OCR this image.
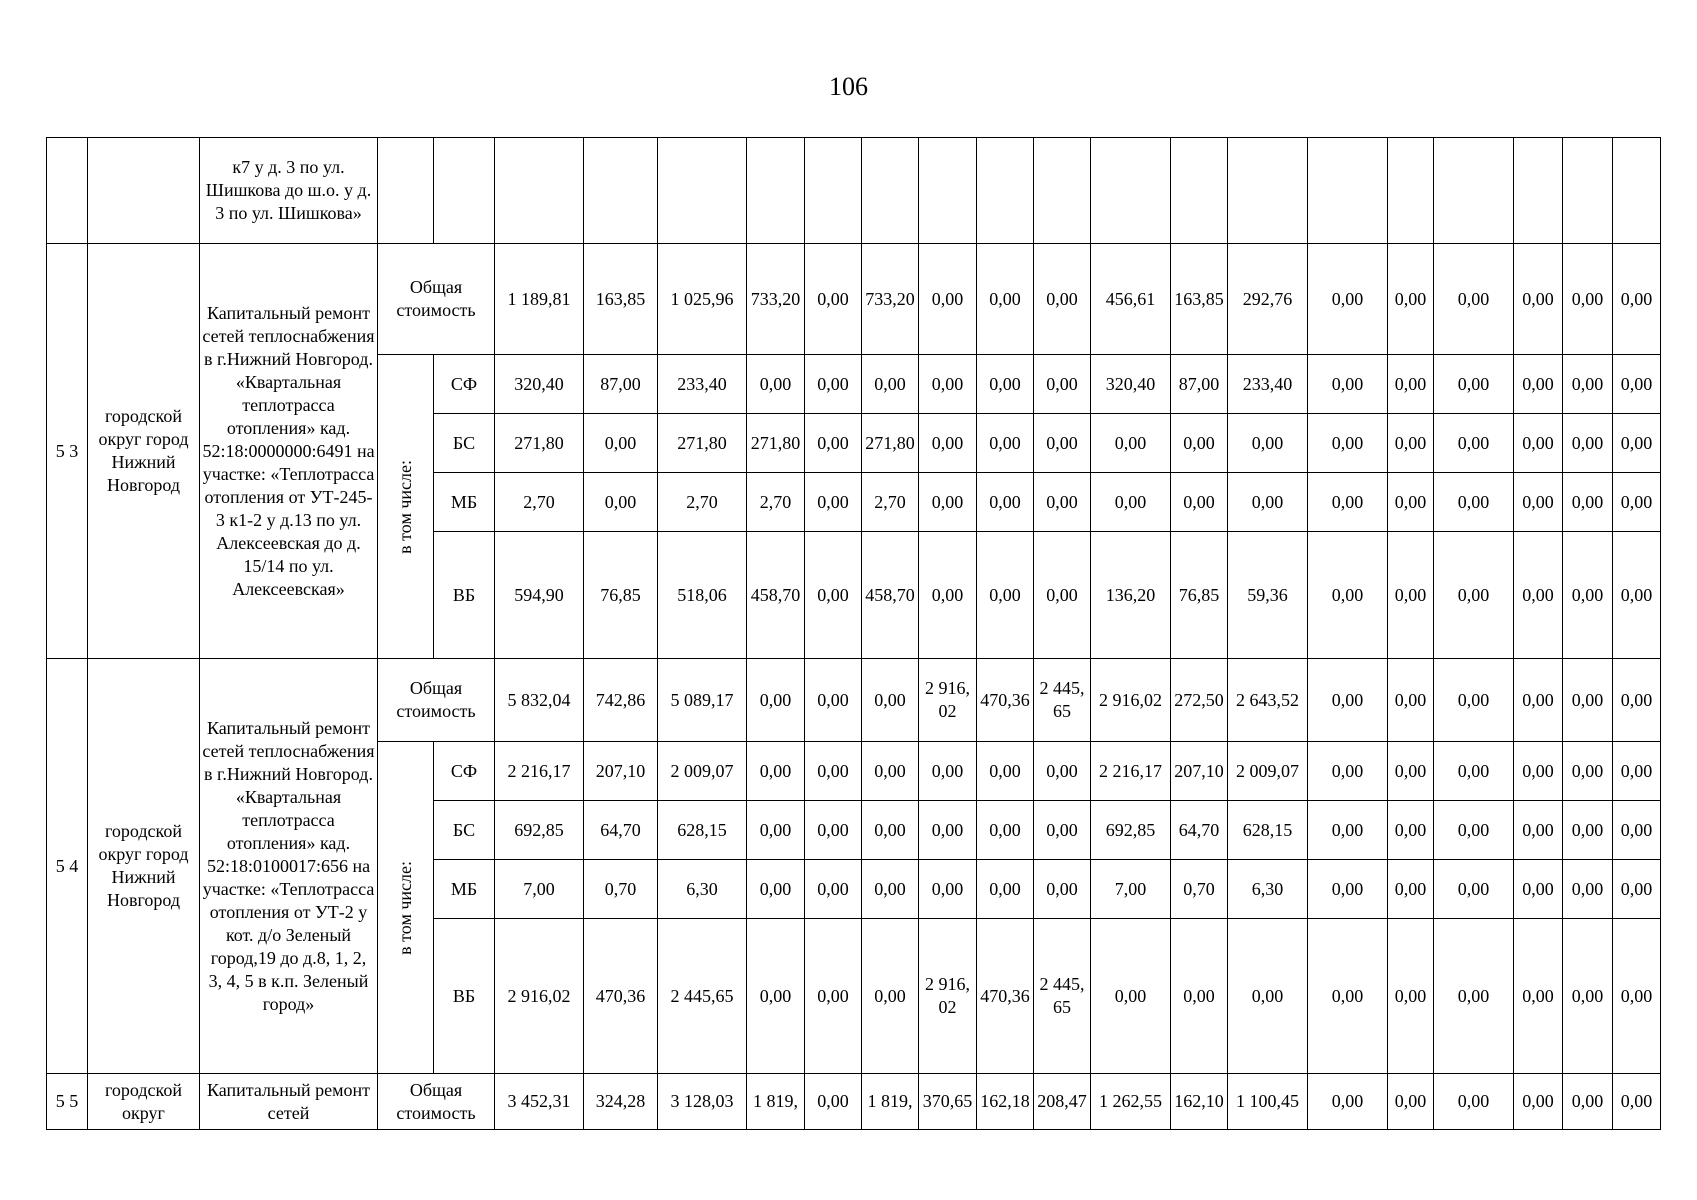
106
		к7 у д. 3 по ул. Шишкова до ш.о. у д. 3 по ул. Шишкова»																				
5 3	городской округ город Нижний Новгород	Капитальный ремонт сетей теплоснабжения в г.Нижний Новгород. «Квартальная теплотрасса отопления» кад. 52:18:0000000:6491 на участке: «Теплотрасса отопления от УТ-245-3 к1-2 у д.13 по ул. Алексеевская до д. 15/14 по ул. Алексеевская»	Общая стоимость		1 189,81	163,85	1 025,96	733,20	0,00	733,20	0,00	0,00	0,00	456,61	163,85	292,76	0,00	0,00	0,00	0,00	0,00	0,00

			в том числе:	СФ	320,40	87,00	233,40	0,00	0,00	0,00	0,00	0,00	0,00	320,40	87,00	233,40	0,00	0,00	0,00	0,00	0,00	0,00
				БС	271,80	0,00	271,80	271,80	0,00	271,80	0,00	0,00	0,00	0,00	0,00	0,00	0,00	0,00	0,00	0,00	0,00	0,00
				МБ	2,70	0,00	2,70	2,70	0,00	2,70	0,00	0,00	0,00	0,00	0,00	0,00	0,00	0,00	0,00	0,00	0,00	0,00
				ВБ	594,90	76,85	518,06	458,70	0,00	458,70	0,00	0,00	0,00	136,20	76,85	59,36	0,00	0,00	0,00	0,00	0,00	0,00
5 4	городской округ город Нижний Новгород	Капитальный ремонт сетей теплоснабжения в г.Нижний Новгород. «Квартальная теплотрасса отопления» кад. 52:18:0100017:656 на участке: «Теплотрасса отопления от УТ-2 у кот. д/о Зеленый город,19 до д.8, 1, 2, 3, 4, 5 в к.п. Зеленый город»	Общая стоимость		5 832,04	742,86	5 089,17	0,00	0,00	0,00	2 916,02	470,36	2 445,65	2 916,02	272,50	2 643,52	0,00	0,00	0,00	0,00	0,00	0,00

			в том числе:	СФ	2 216,17	207,10	2 009,07	0,00	0,00	0,00	0,00	0,00	0,00	2 216,17	207,10	2 009,07	0,00	0,00	0,00	0,00	0,00	0,00
				БС	692,85	64,70	628,15	0,00	0,00	0,00	0,00	0,00	0,00	692,85	64,70	628,15	0,00	0,00	0,00	0,00	0,00	0,00
				МБ	7,00	0,70	6,30	0,00	0,00	0,00	0,00	0,00	0,00	7,00	0,70	6,30	0,00	0,00	0,00	0,00	0,00	0,00
				ВБ	2 916,02	470,36	2 445,65	0,00	0,00	0,00	2 916,02	470,36	2 445,65	0,00	0,00	0,00	0,00	0,00	0,00	0,00	0,00	0,00
5 5	городской округ	Капитальный ремонт сетей	Общая стоимость		3 452,31	324,28	3 128,03	1 819,	0,00	1 819,	370,65	162,18	208,47	1 262,55	162,10	1 100,45	0,00	0,00	0,00	0,00	0,00	0,00
